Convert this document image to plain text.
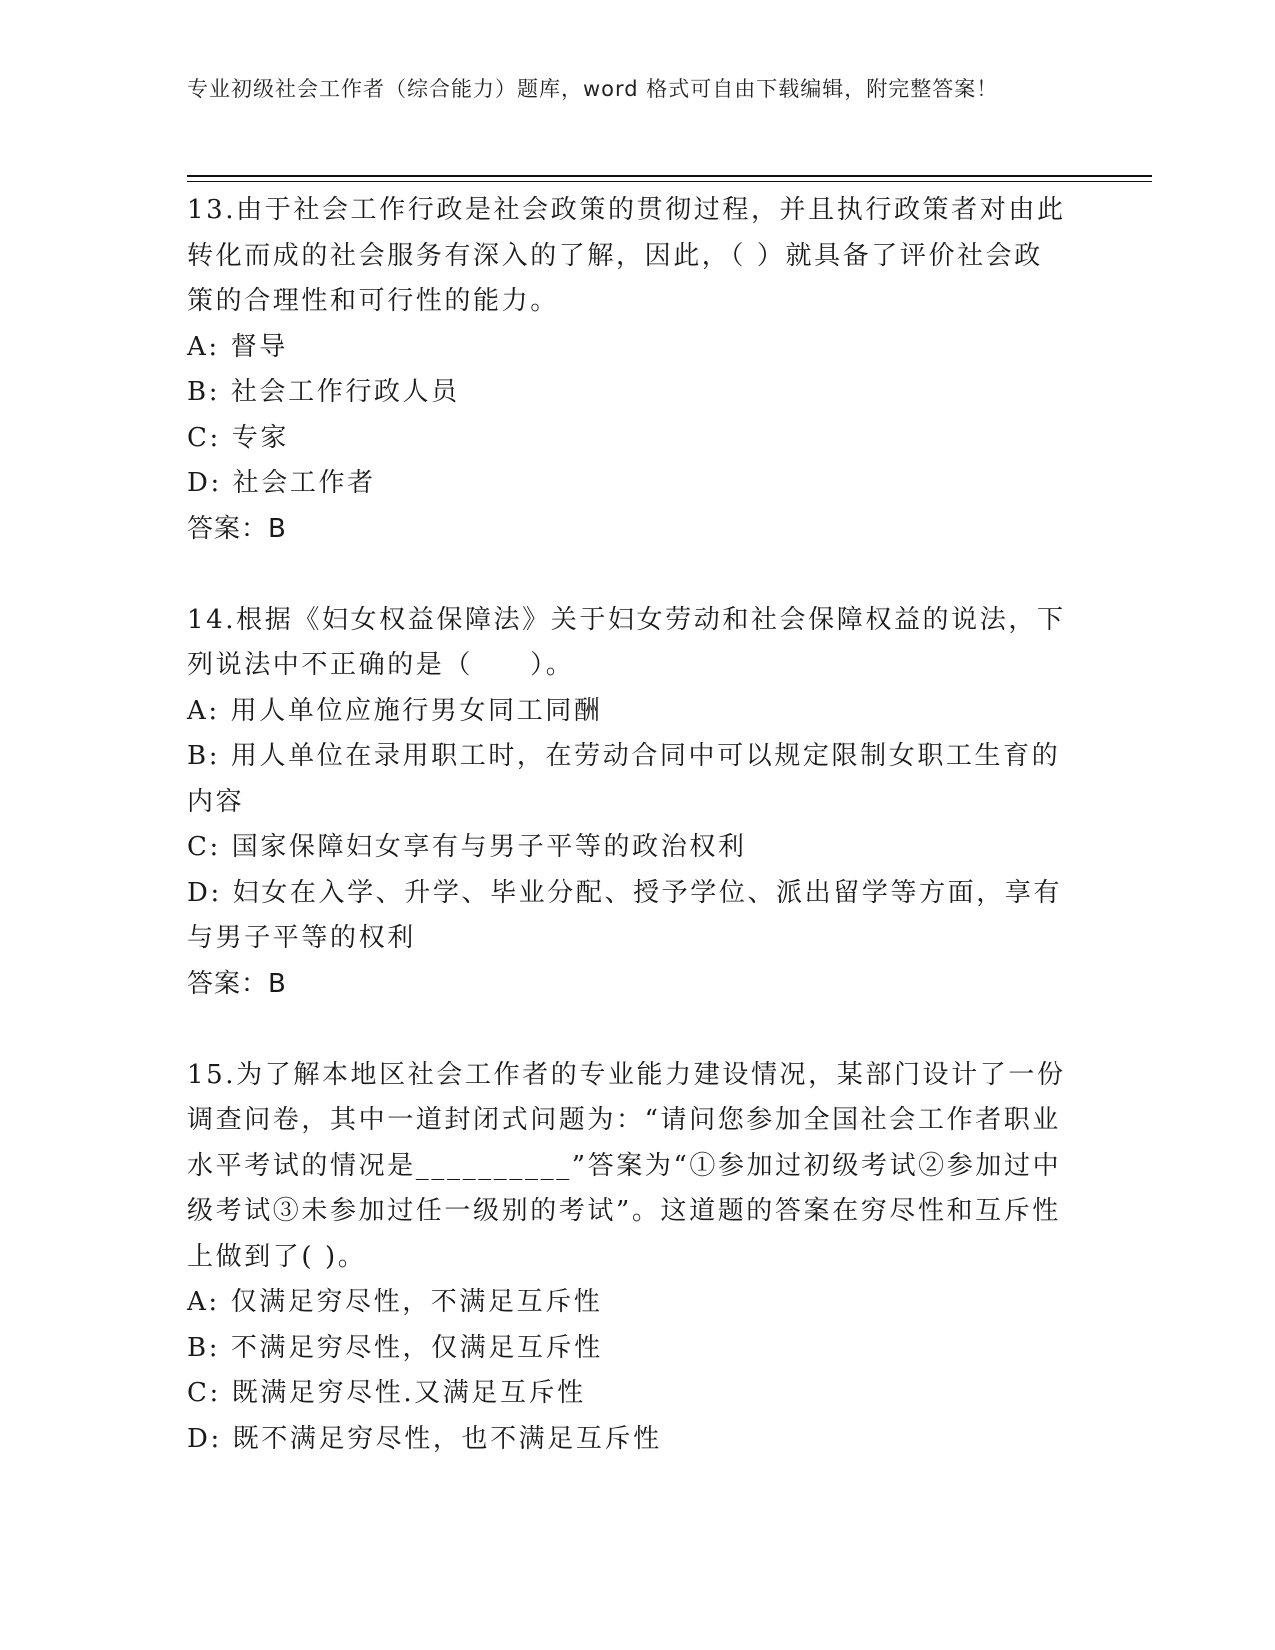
专业初级社会工作者（综合能力）题库，word 格式可自由下载编辑，附完整答案！

13.由于社会工作行政是社会政策的贯彻过程，并且执行政策者对由此转化而成的社会服务有深入的了解，因此，（ ）就具备了评价社会政策的合理性和可行性的能力。

A: 督导

B: 社会工作行政人员

C: 专家

D: 社会工作者

答案：B

14.根据《妇女权益保障法》关于妇女劳动和社会保障权益的说法，下列说法中不正确的是（　　）。

A: 用人单位应施行男女同工同酬

B: 用人单位在录用职工时，在劳动合同中可以规定限制女职工生育的内容

C: 国家保障妇女享有与男子平等的政治权利

D: 妇女在入学、升学、毕业分配、授予学位、派出留学等方面，享有与男子平等的权利

答案：B

15.为了解本地区社会工作者的专业能力建设情况，某部门设计了一份调查问卷，其中一道封闭式问题为：“请问您参加全国社会工作者职业水平考试的情况是__________”答案为“①参加过初级考试②参加过中级考试③未参加过任一级别的考试”。这道题的答案在穷尽性和互斥性上做到了( )。

A: 仅满足穷尽性，不满足互斥性

B: 不满足穷尽性，仅满足互斥性

C: 既满足穷尽性.又满足互斥性

D: 既不满足穷尽性，也不满足互斥性
